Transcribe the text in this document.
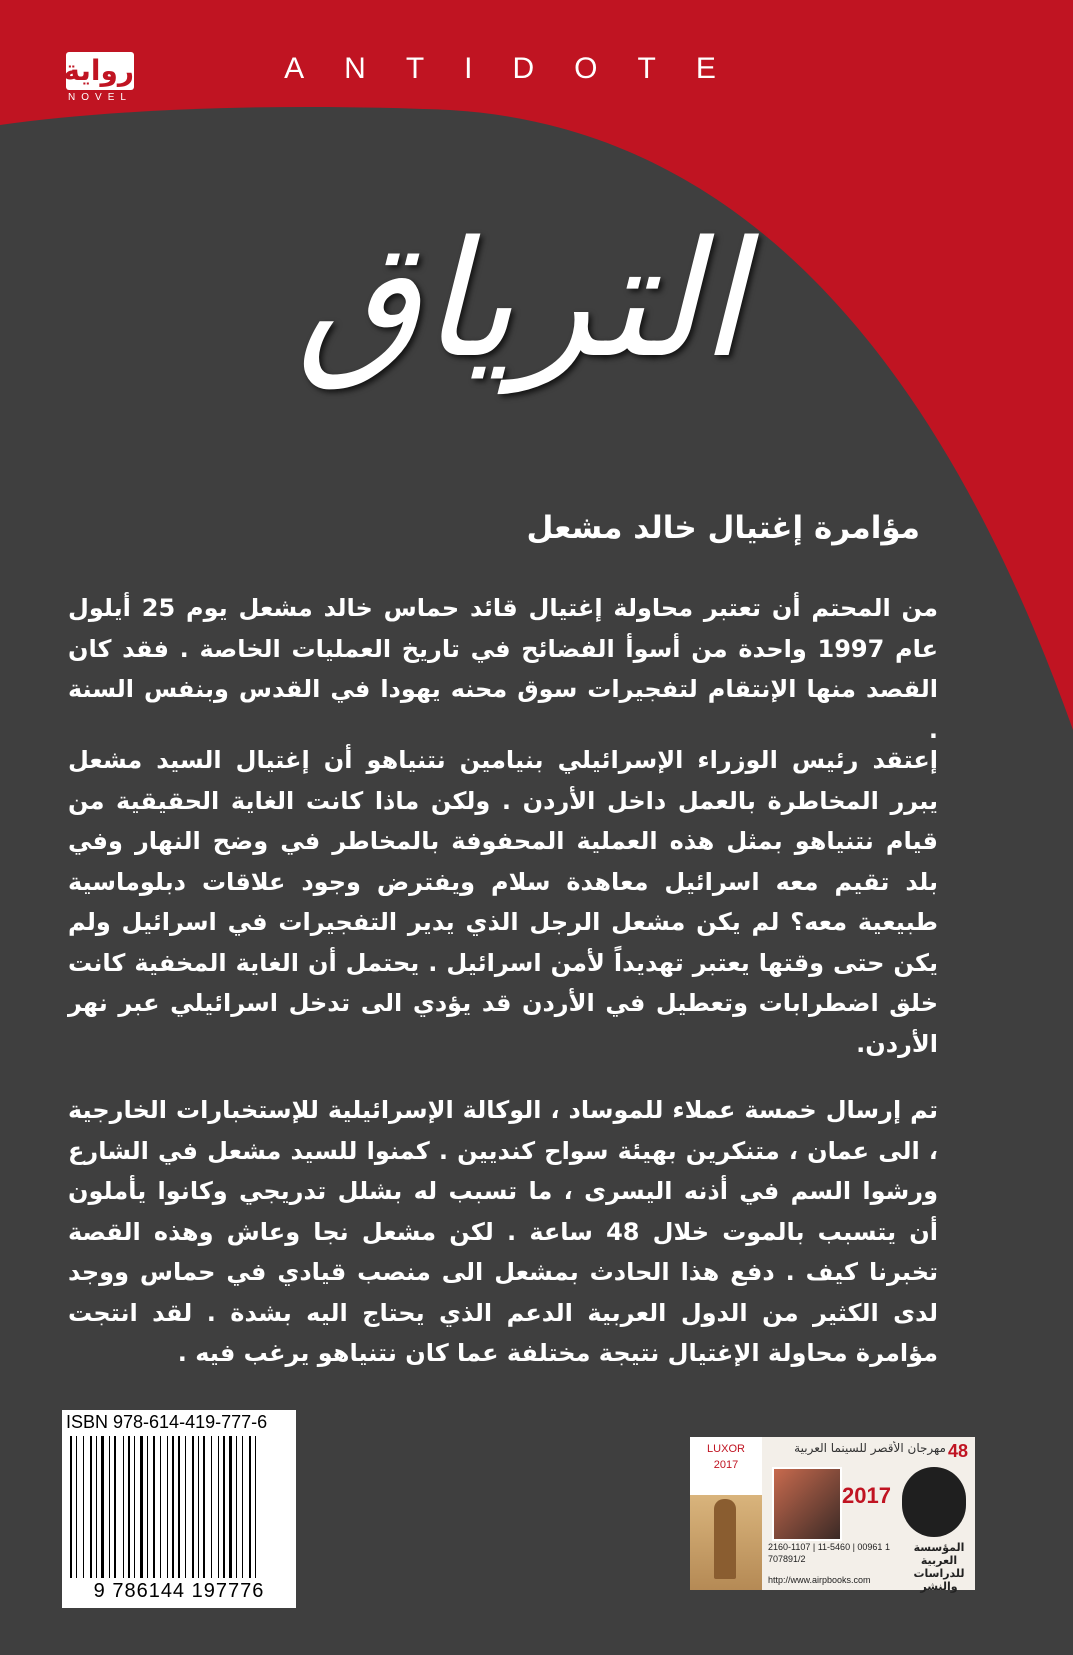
رواية
NOVEL
ANTIDOTE
الترياق
مؤامرة إغتيال خالد مشعل

من المحتم أن تعتبر محاولة إغتيال قائد حماس خالد مشعل يوم 25 أيلول عام 1997 واحدة من أسوأ الفضائح في تاريخ العمليات الخاصة . فقد كان القصد منها الإنتقام لتفجيرات سوق محنه يهودا في القدس وبنفس السنة .

إعتقد رئيس الوزراء الإسرائيلي بنيامين نتنياهو أن إغتيال السيد مشعل يبرر المخاطرة بالعمل داخل الأردن . ولكن ماذا كانت الغاية الحقيقية من قيام نتنياهو بمثل هذه العملية المحفوفة بالمخاطر في وضح النهار وفي بلد تقيم معه اسرائيل معاهدة سلام ويفترض وجود علاقات دبلوماسية طبيعية معه؟ لم يكن مشعل الرجل الذي يدير التفجيرات في اسرائيل ولم يكن حتى وقتها يعتبر تهديداً لأمن اسرائيل . يحتمل أن الغاية المخفية كانت خلق اضطرابات وتعطيل في الأردن قد يؤدي الى تدخل اسرائيلي عبر نهر الأردن.

تم إرسال خمسة عملاء للموساد ، الوكالة الإسرائيلية للإستخبارات الخارجية ، الى عمان ، متنكرين بهيئة سواح كنديين . كمنوا للسيد مشعل في الشارع ورشوا السم في أذنه اليسرى ، ما تسبب له بشلل تدريجي وكانوا يأملون أن يتسبب بالموت خلال 48 ساعة . لكن مشعل نجا وعاش وهذه القصة تخبرنا كيف . دفع هذا الحادث بمشعل الى منصب قيادي في حماس ووجد لدى الكثير من الدول العربية الدعم الذي يحتاج اليه بشدة . لقد انتجت مؤامرة محاولة الإغتيال نتيجة مختلفة عما كان نتنياهو يرغب فيه .

ISBN 978-614-419-777-6
9 786144 197776
LUXOR
2017
مهرجان الأقصر للسينما العربية 48
2017
2160-1107 | 11-5460 | 00961 1 707891/2
http://www.airpbooks.com
المؤسسة العربية للدراسات والنشر
